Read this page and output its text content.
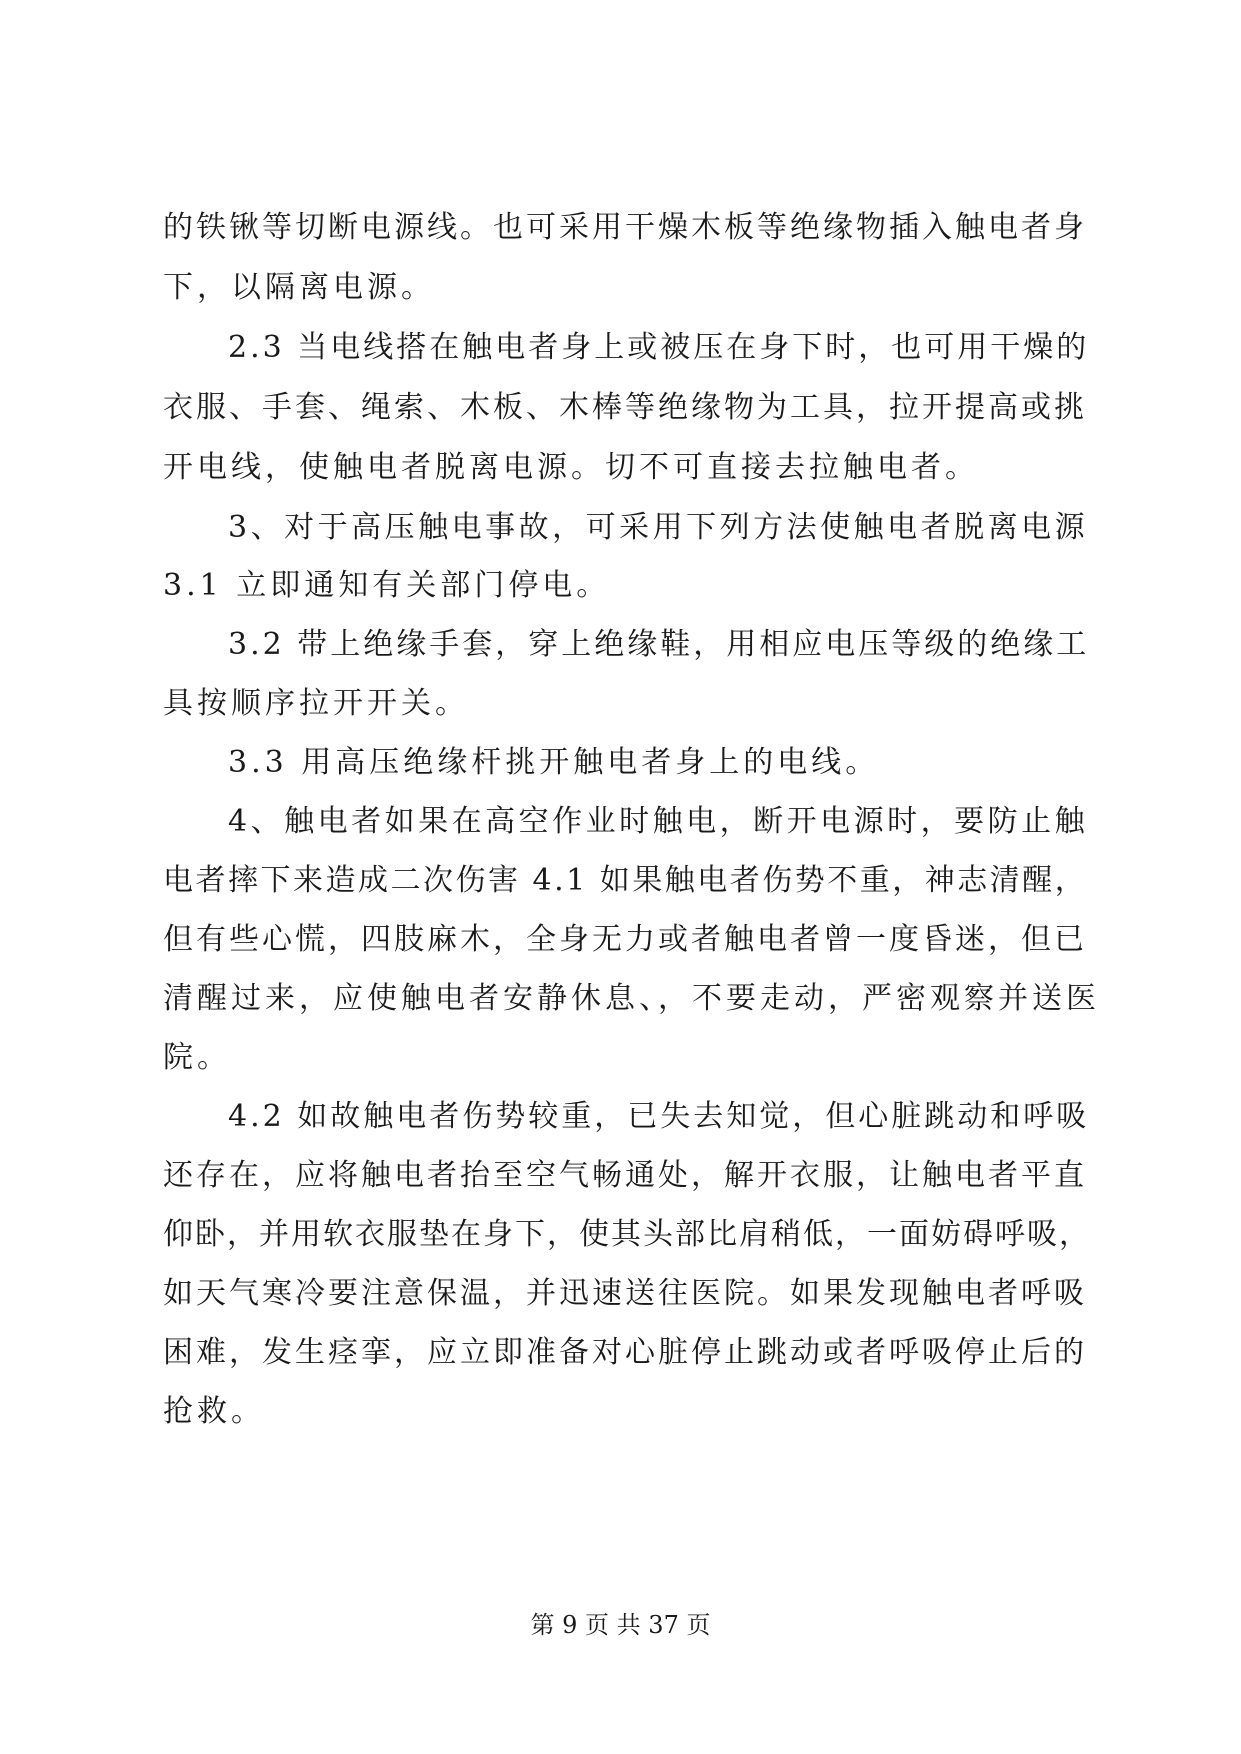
的铁锹等切断电源线。也可采用干燥木板等绝缘物插入触电者身
下，以隔离电源。
2.3 当电线搭在触电者身上或被压在身下时，也可用干燥的
衣服、手套、绳索、木板、木棒等绝缘物为工具，拉开提高或挑
开电线，使触电者脱离电源。切不可直接去拉触电者。
3、对于高压触电事故，可采用下列方法使触电者脱离电源
3.1 立即通知有关部门停电。
3.2 带上绝缘手套，穿上绝缘鞋，用相应电压等级的绝缘工
具按顺序拉开开关。
3.3 用高压绝缘杆挑开触电者身上的电线。
4、触电者如果在高空作业时触电，断开电源时，要防止触
电者摔下来造成二次伤害 4.1 如果触电者伤势不重，神志清醒，
但有些心慌，四肢麻木，全身无力或者触电者曾一度昏迷，但已
清醒过来，应使触电者安静休息、，不要走动，严密观察并送医
院。
4.2 如故触电者伤势较重，已失去知觉，但心脏跳动和呼吸
还存在，应将触电者抬至空气畅通处，解开衣服，让触电者平直
仰卧，并用软衣服垫在身下，使其头部比肩稍低，一面妨碍呼吸，
如天气寒冷要注意保温，并迅速送往医院。如果发现触电者呼吸
困难，发生痉挛，应立即准备对心脏停止跳动或者呼吸停止后的
抢救。
第 9 页 共 37 页
